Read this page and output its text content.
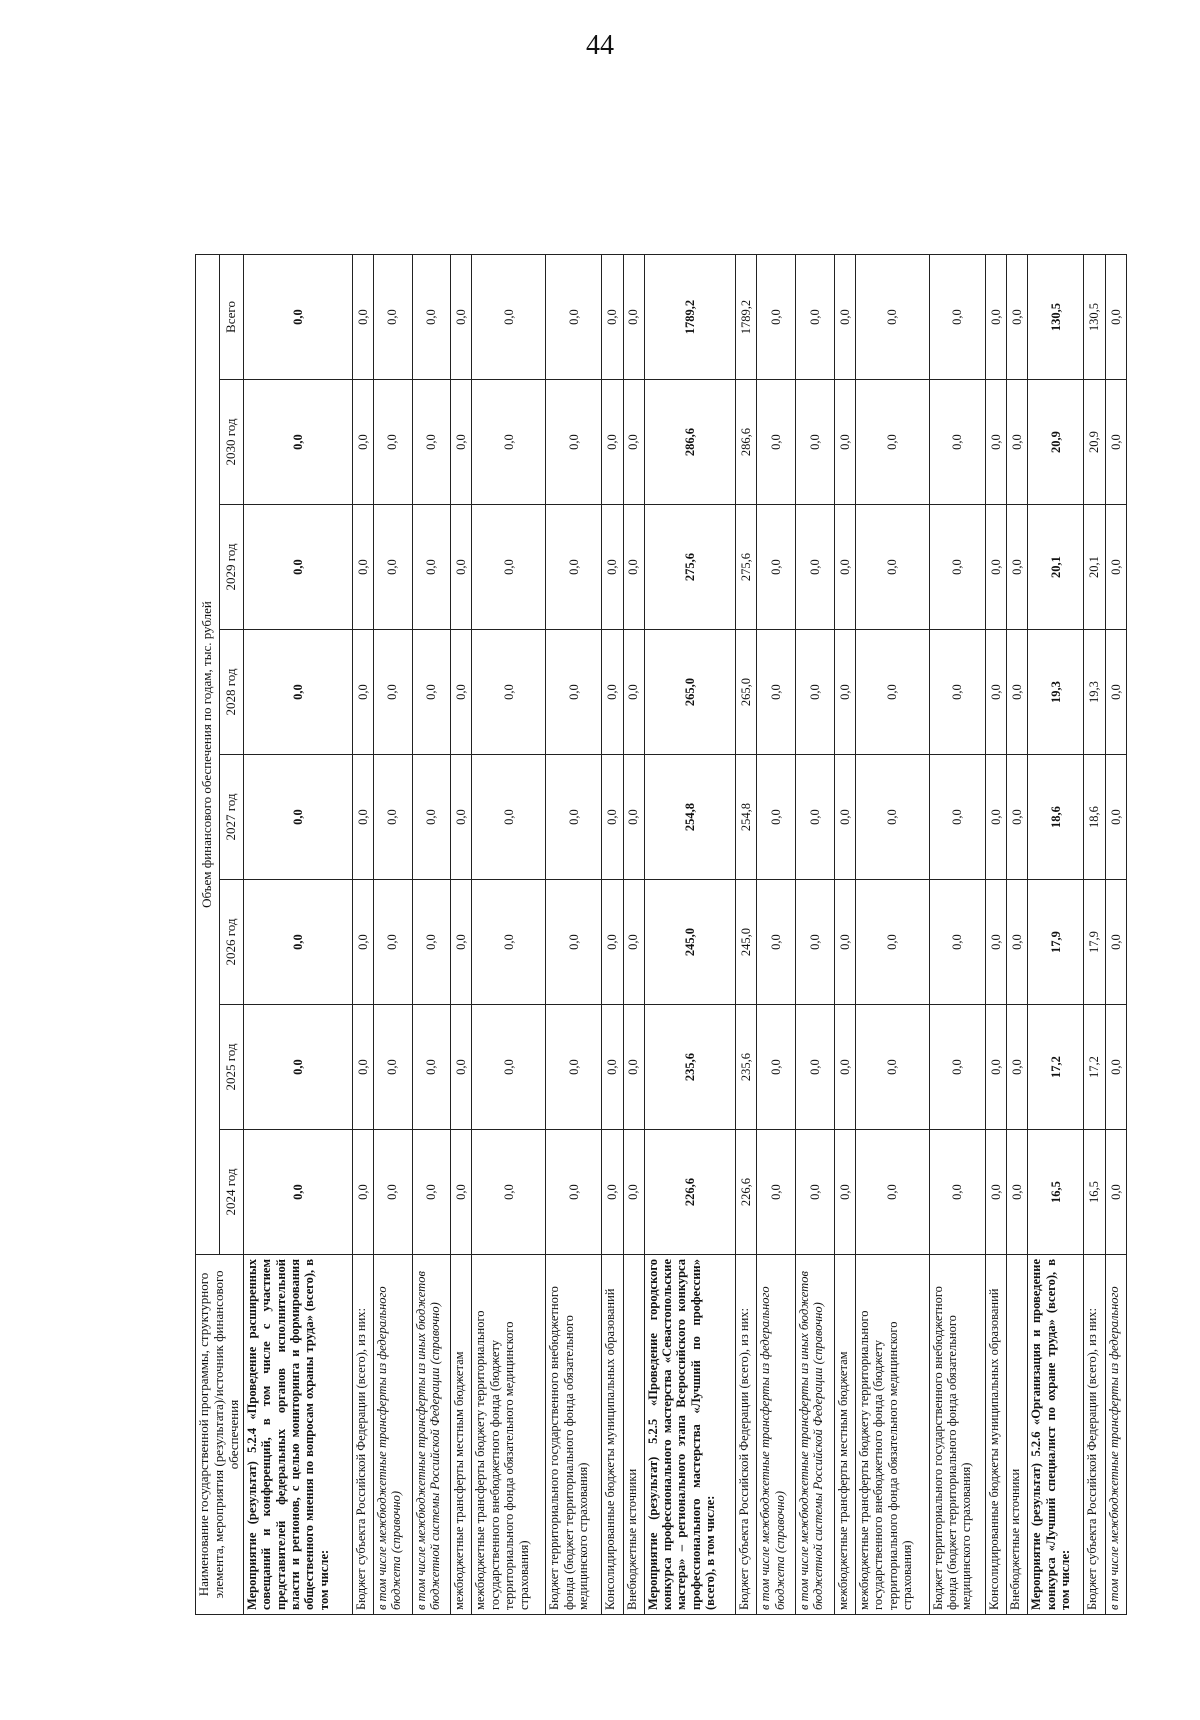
44
Наименование государственной программы, структурного элемента, мероприятия (результата)/источник финансового обеспечения	Объем финансового обеспечения по годам, тыс. рублей							
	2024 год	2025 год	2026 год	2027 год	2028 год	2029 год	2030 год	Всего
Мероприятие (результат) 5.2.4 «Проведение расширенных совещаний и конференций, в том числе с участием представителей федеральных органов исполнительной власти и регионов, с целью мониторинга и формирования общественного мнения по вопросам охраны труда» (всего), в том числе:	0,0	0,0	0,0	0,0	0,0	0,0	0,0	0,0
Бюджет субъекта Российской Федерации (всего), из них:	0,0	0,0	0,0	0,0	0,0	0,0	0,0	0,0
в том числе межбюджетные трансферты из федерального бюджета (справочно)	0,0	0,0	0,0	0,0	0,0	0,0	0,0	0,0
в том числе межбюджетные трансферты из иных бюджетов бюджетной системы Российской Федерации (справочно)	0,0	0,0	0,0	0,0	0,0	0,0	0,0	0,0
межбюджетные трансферты местным бюджетам	0,0	0,0	0,0	0,0	0,0	0,0	0,0	0,0
межбюджетные трансферты бюджету территориального государственного внебюджетного фонда (бюджету территориального фонда обязательного медицинского страхования)	0,0	0,0	0,0	0,0	0,0	0,0	0,0	0,0
Бюджет территориального государственного внебюджетного фонда (бюджет территориального фонда обязательного медицинского страхования)	0,0	0,0	0,0	0,0	0,0	0,0	0,0	0,0
Консолидированные бюджеты муниципальных образований	0,0	0,0	0,0	0,0	0,0	0,0	0,0	0,0
Внебюджетные источники	0,0	0,0	0,0	0,0	0,0	0,0	0,0	0,0
Мероприятие (результат) 5.2.5 «Проведение городского конкурса профессионального мастерства «Севастопольские мастера» – регионального этапа Всероссийского конкурса профессионального мастерства «Лучший по профессии» (всего), в том числе:	226,6	235,6	245,0	254,8	265,0	275,6	286,6	1789,2
Бюджет субъекта Российской Федерации (всего), из них:	226,6	235,6	245,0	254,8	265,0	275,6	286,6	1789,2
в том числе межбюджетные трансферты из федерального бюджета (справочно)	0,0	0,0	0,0	0,0	0,0	0,0	0,0	0,0
в том числе межбюджетные трансферты из иных бюджетов бюджетной системы Российской Федерации (справочно)	0,0	0,0	0,0	0,0	0,0	0,0	0,0	0,0
межбюджетные трансферты местным бюджетам	0,0	0,0	0,0	0,0	0,0	0,0	0,0	0,0
межбюджетные трансферты бюджету территориального государственного внебюджетного фонда (бюджету территориального фонда обязательного медицинского страхования)	0,0	0,0	0,0	0,0	0,0	0,0	0,0	0,0
Бюджет территориального государственного внебюджетного фонда (бюджет территориального фонда обязательного медицинского страхования)	0,0	0,0	0,0	0,0	0,0	0,0	0,0	0,0
Консолидированные бюджеты муниципальных образований	0,0	0,0	0,0	0,0	0,0	0,0	0,0	0,0
Внебюджетные источники	0,0	0,0	0,0	0,0	0,0	0,0	0,0	0,0
Мероприятие (результат) 5.2.6 «Организация и проведение конкурса «Лучший специалист по охране труда» (всего), в том числе:	16,5	17,2	17,9	18,6	19,3	20,1	20,9	130,5
Бюджет субъекта Российской Федерации (всего), из них:	16,5	17,2	17,9	18,6	19,3	20,1	20,9	130,5
в том числе межбюджетные трансферты из федерального	0,0	0,0	0,0	0,0	0,0	0,0	0,0	0,0
